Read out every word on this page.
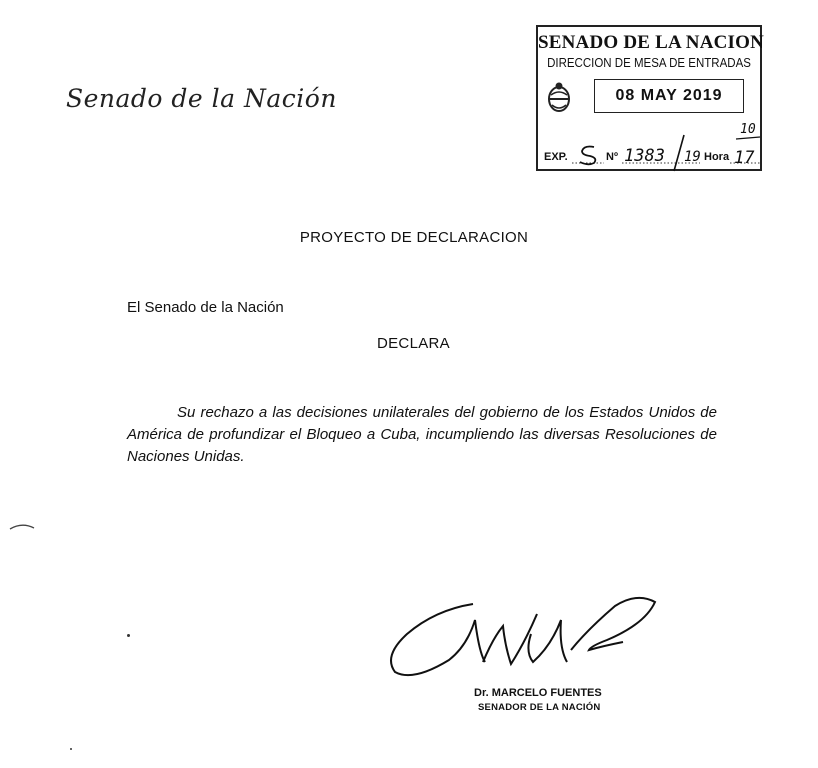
Senado de la Nación
SENADO DE LA NACION
DIRECCION DE MESA DE ENTRADAS
08 MAY 2019
EXP.	Nº	Hora
1383 19
10
17
PROYECTO DE DECLARACION
El Senado de la Nación
DECLARA
Su rechazo a las decisiones unilaterales del gobierno de los Estados Unidos de América de profundizar el Bloqueo a Cuba, incumpliendo las diversas Resoluciones de Naciones Unidas.
Dr. MARCELO FUENTES
SENADOR DE LA NACIÓN
